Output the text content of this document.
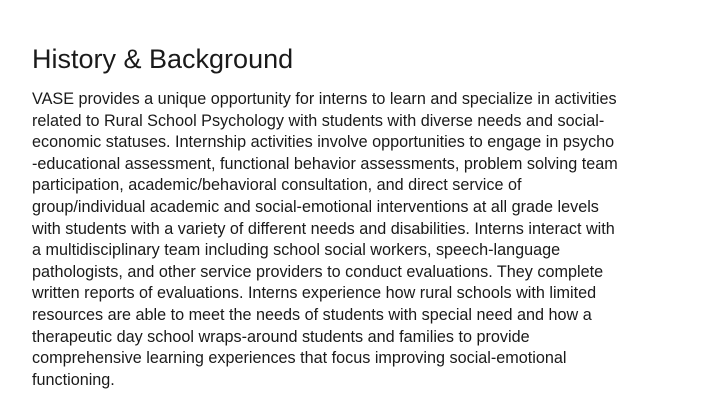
History & Background
VASE provides a unique opportunity for interns to learn and specialize in activities
related to Rural School Psychology with students with diverse needs and social-
economic statuses. Internship activities involve opportunities to engage in psycho
-educational assessment, functional behavior assessments, problem solving team
participation, academic/behavioral consultation, and direct service of
group/individual academic and social-emotional interventions at all grade levels
with students with a variety of different needs and disabilities. Interns interact with
a multidisciplinary team including school social workers, speech-language
pathologists, and other service providers to conduct evaluations. They complete
written reports of evaluations. Interns experience how rural schools with limited
resources are able to meet the needs of students with special need and how a
therapeutic day school wraps-around students and families to provide
comprehensive learning experiences that focus improving social-emotional
functioning.
